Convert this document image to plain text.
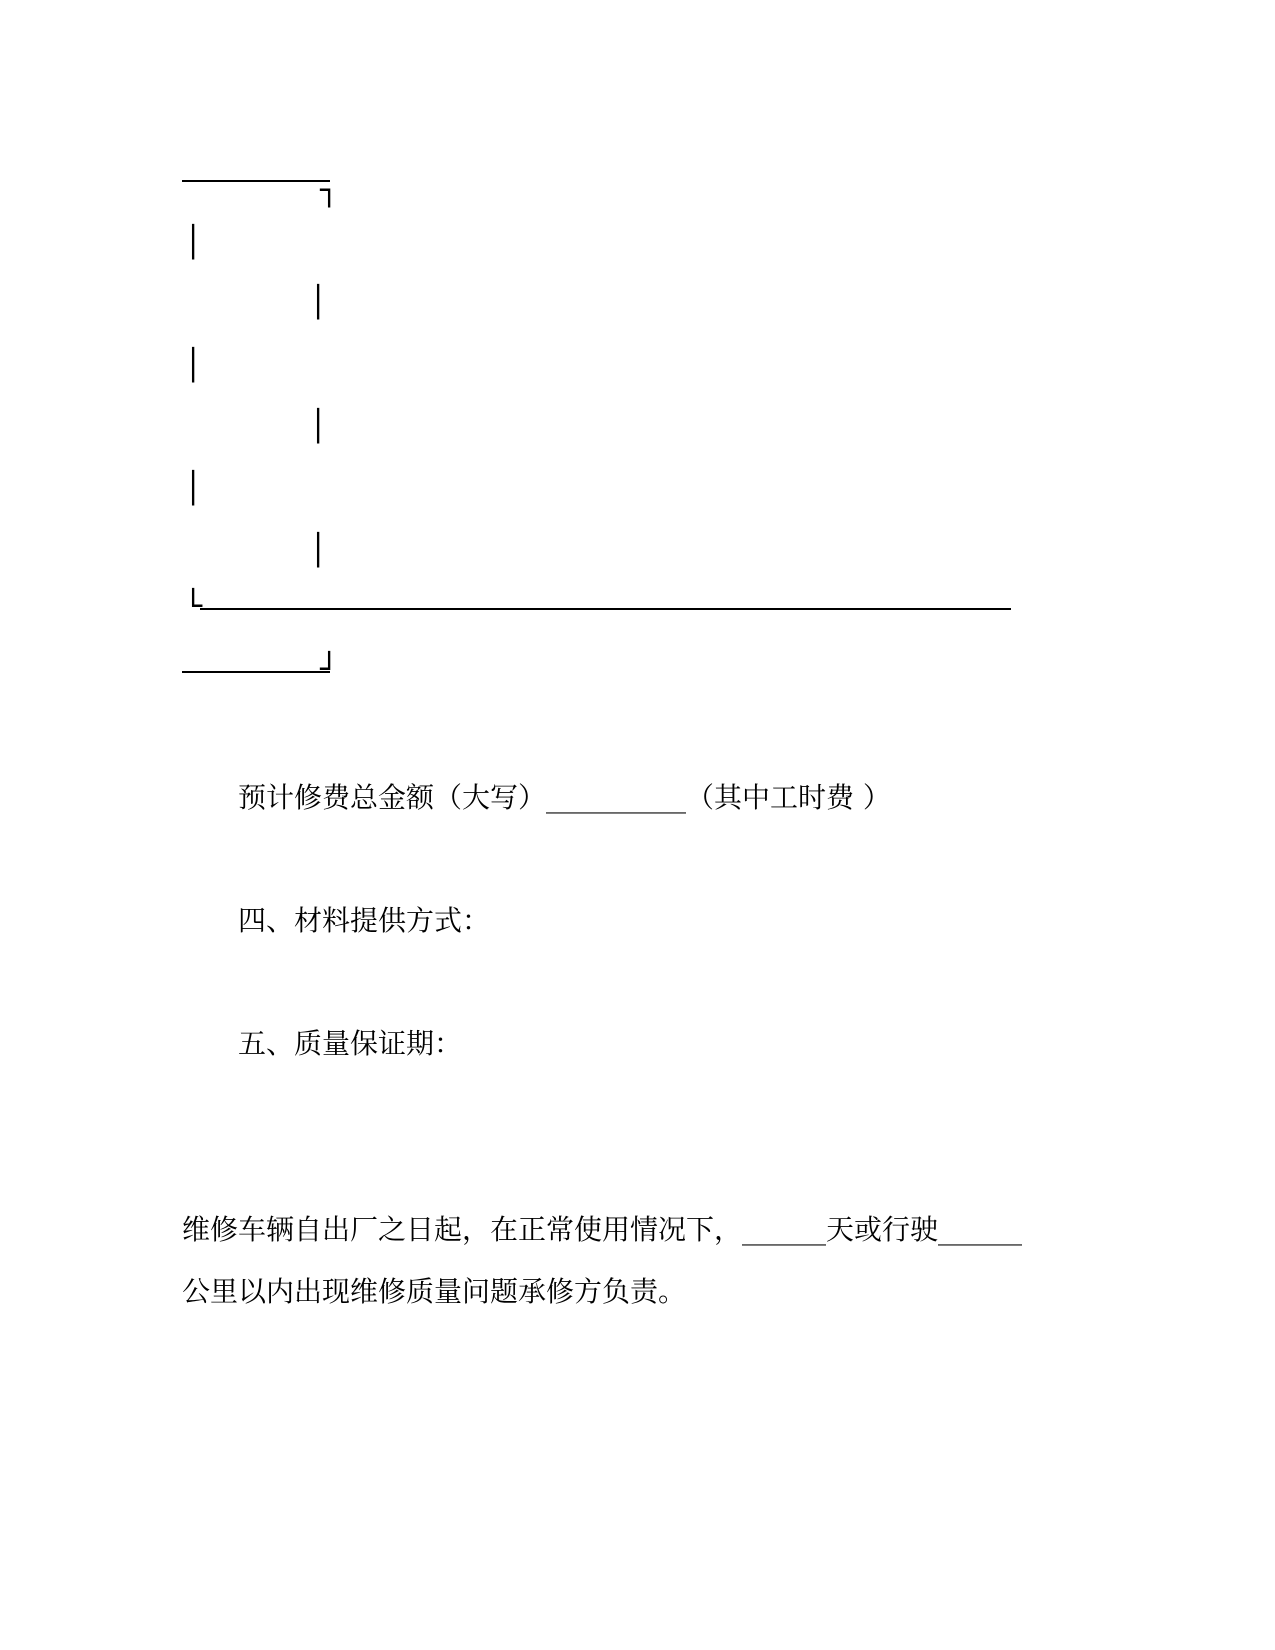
┐
│
│
│
│
│
│
└
┘
预计修费总金额（大写）__________（其中工时费 ）
四、材料提供方式：
五、质量保证期：
维修车辆自出厂之日起，在正常使用情况下，______天或行驶______
公里以内出现维修质量问题承修方负责。
